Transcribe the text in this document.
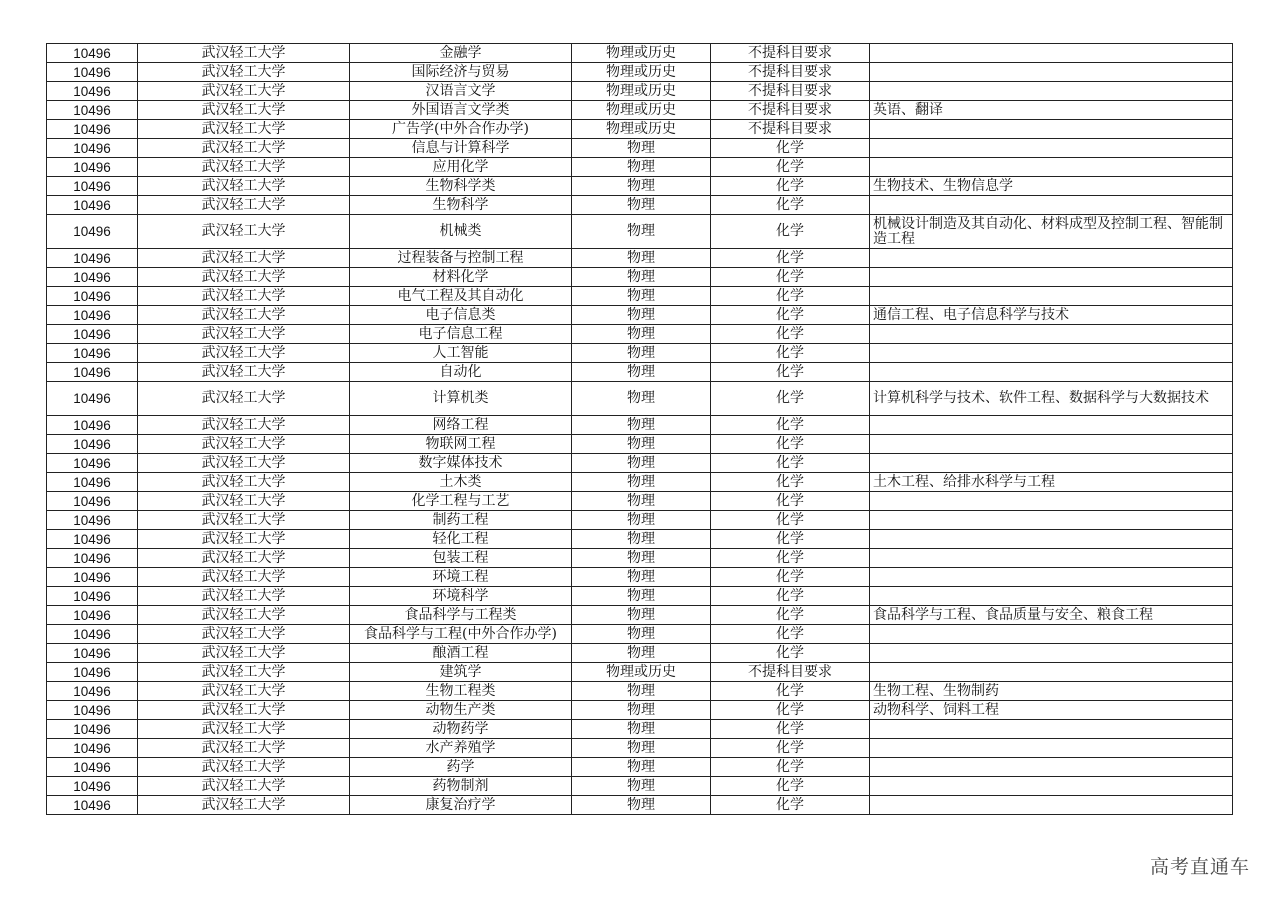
10496	武汉轻工大学	金融学	物理或历史	不提科目要求	
10496	武汉轻工大学	国际经济与贸易	物理或历史	不提科目要求	
10496	武汉轻工大学	汉语言文学	物理或历史	不提科目要求	
10496	武汉轻工大学	外国语言文学类	物理或历史	不提科目要求	英语、翻译
10496	武汉轻工大学	广告学(中外合作办学)	物理或历史	不提科目要求	
10496	武汉轻工大学	信息与计算科学	物理	化学	
10496	武汉轻工大学	应用化学	物理	化学	
10496	武汉轻工大学	生物科学类	物理	化学	生物技术、生物信息学
10496	武汉轻工大学	生物科学	物理	化学	
10496	武汉轻工大学	机械类	物理	化学	机械设计制造及其自动化、材料成型及控制工程、智能制造工程
10496	武汉轻工大学	过程装备与控制工程	物理	化学	
10496	武汉轻工大学	材料化学	物理	化学	
10496	武汉轻工大学	电气工程及其自动化	物理	化学	
10496	武汉轻工大学	电子信息类	物理	化学	通信工程、电子信息科学与技术
10496	武汉轻工大学	电子信息工程	物理	化学	
10496	武汉轻工大学	人工智能	物理	化学	
10496	武汉轻工大学	自动化	物理	化学	
10496	武汉轻工大学	计算机类	物理	化学	计算机科学与技术、软件工程、数据科学与大数据技术
10496	武汉轻工大学	网络工程	物理	化学	
10496	武汉轻工大学	物联网工程	物理	化学	
10496	武汉轻工大学	数字媒体技术	物理	化学	
10496	武汉轻工大学	土木类	物理	化学	土木工程、给排水科学与工程
10496	武汉轻工大学	化学工程与工艺	物理	化学	
10496	武汉轻工大学	制药工程	物理	化学	
10496	武汉轻工大学	轻化工程	物理	化学	
10496	武汉轻工大学	包装工程	物理	化学	
10496	武汉轻工大学	环境工程	物理	化学	
10496	武汉轻工大学	环境科学	物理	化学	
10496	武汉轻工大学	食品科学与工程类	物理	化学	食品科学与工程、食品质量与安全、粮食工程
10496	武汉轻工大学	食品科学与工程(中外合作办学)	物理	化学	
10496	武汉轻工大学	酿酒工程	物理	化学	
10496	武汉轻工大学	建筑学	物理或历史	不提科目要求	
10496	武汉轻工大学	生物工程类	物理	化学	生物工程、生物制药
10496	武汉轻工大学	动物生产类	物理	化学	动物科学、饲料工程
10496	武汉轻工大学	动物药学	物理	化学	
10496	武汉轻工大学	水产养殖学	物理	化学	
10496	武汉轻工大学	药学	物理	化学	
10496	武汉轻工大学	药物制剂	物理	化学	
10496	武汉轻工大学	康复治疗学	物理	化学	
高考直通车
